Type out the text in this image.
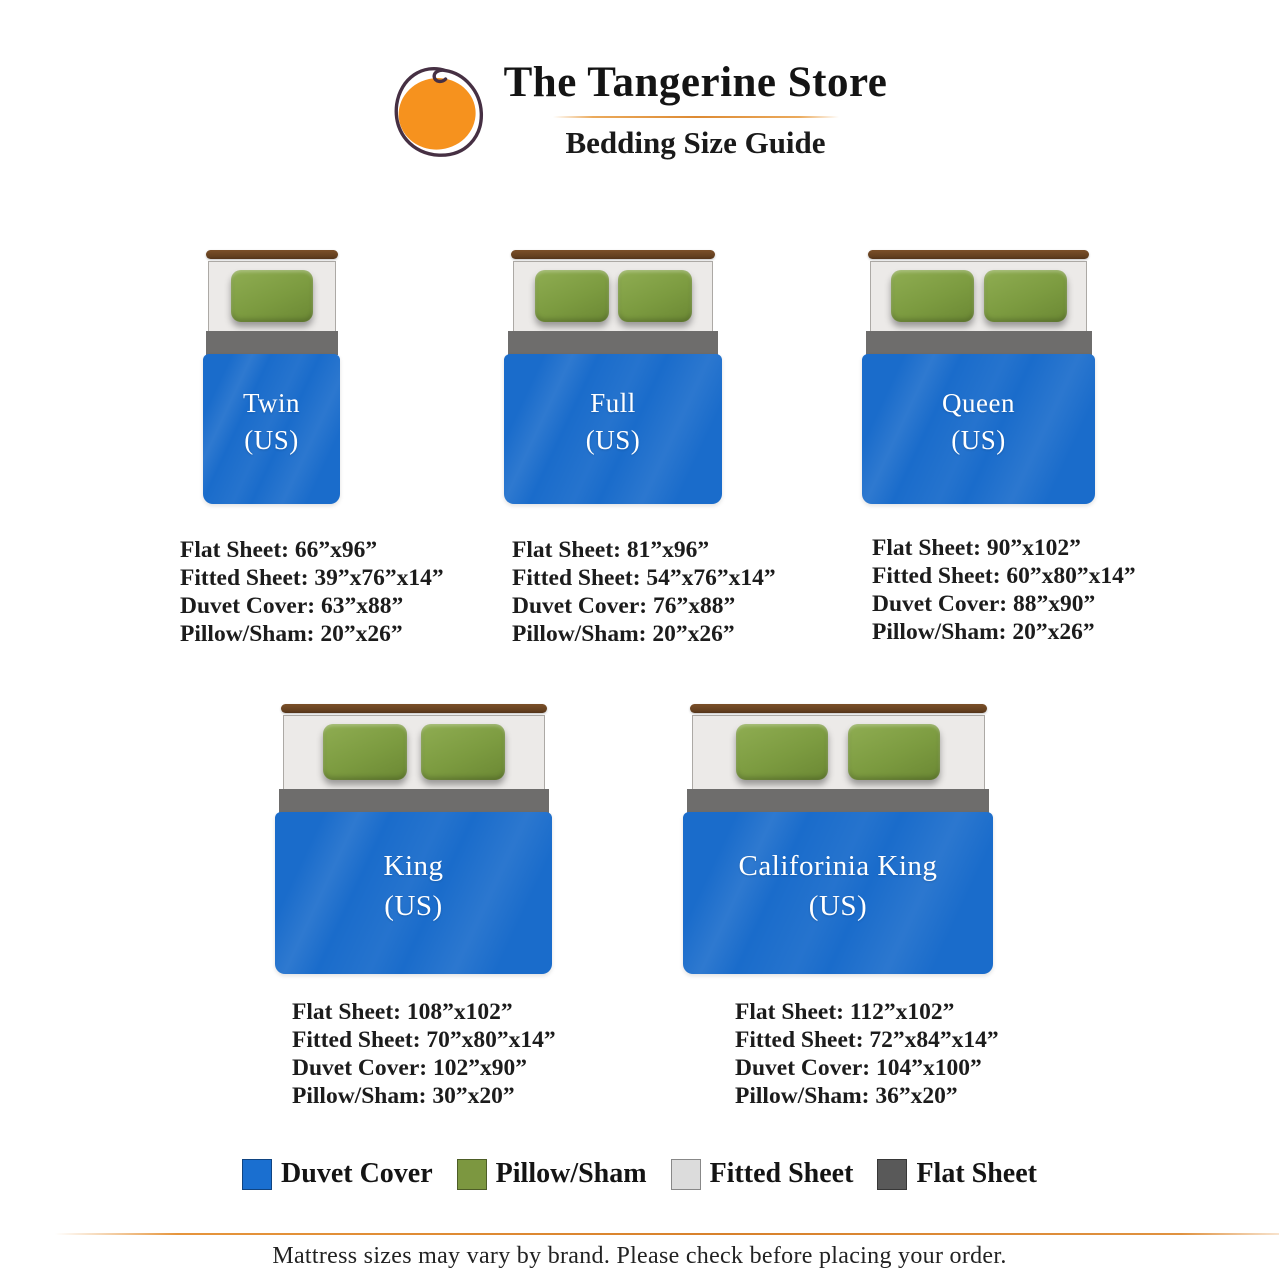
The Tangerine Store
Bedding Size Guide
Twin
(US)
Flat Sheet: 66”x96”
Fitted Sheet: 39”x76”x14”
Duvet Cover: 63”x88”
Pillow/Sham: 20”x26”
Full
(US)
Flat Sheet: 81”x96”
Fitted Sheet: 54”x76”x14”
Duvet Cover: 76”x88”
Pillow/Sham: 20”x26”
Queen
(US)
Flat Sheet: 90”x102”
Fitted Sheet: 60”x80”x14”
Duvet Cover: 88”x90”
Pillow/Sham: 20”x26”
King
(US)
Flat Sheet: 108”x102”
Fitted Sheet: 70”x80”x14”
Duvet Cover: 102”x90”
Pillow/Sham: 30”x20”
Califorinia King
(US)
Flat Sheet: 112”x102”
Fitted Sheet: 72”x84”x14”
Duvet Cover: 104”x100”
Pillow/Sham: 36”x20”
Duvet Cover Pillow/Sham Fitted Sheet Flat Sheet
Mattress sizes may vary by brand. Please check before placing your order.
